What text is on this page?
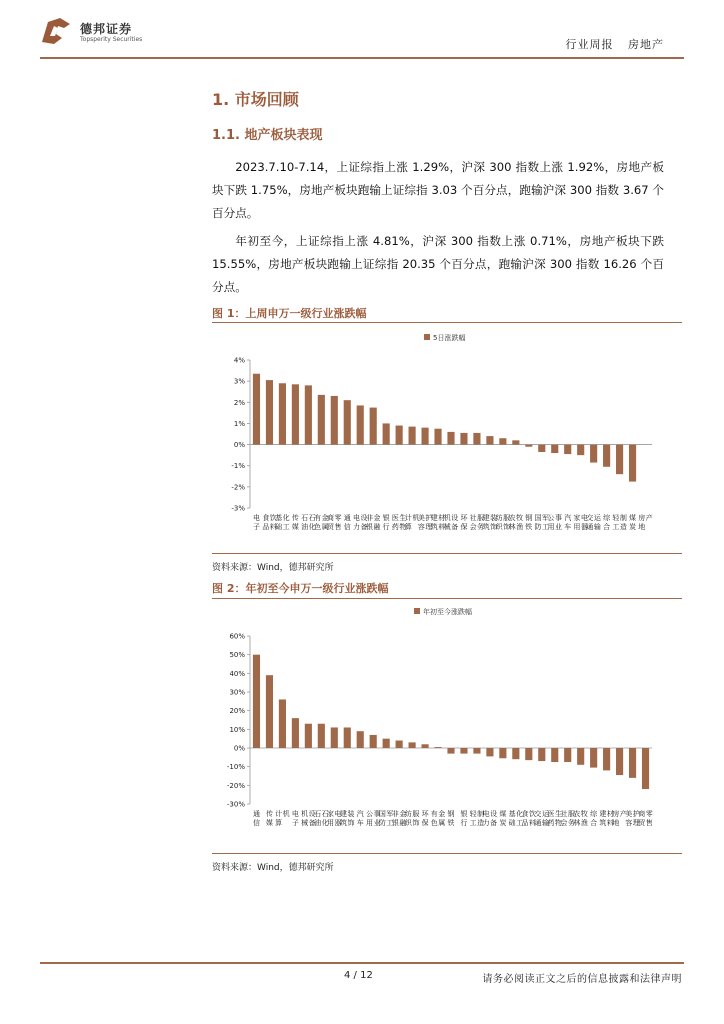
德邦证券
Topsperity Securities	行业周报 房地产
1. 市场回顾
1.1. 地产板块表现
2023.7.10-7.14，上证综指上涨 1.29%，沪深 300 指数上涨 1.92%，房地产板块下跌 1.75%，房地产板块跑输上证综指 3.03 个百分点，跑输沪深 300 指数 3.67 个百分点。
年初至今，上证综指上涨 4.81%，沪深 300 指数上涨 0.71%，房地产板块下跌 15.55%，房地产板块跑输上证综指 20.35 个百分点，跑输沪深 300 指数 16.26 个百分点。
图 1：上周申万一级行业涨跌幅
5日涨跌幅
-3%
-2%
-1%
0%
1%
2%
3%
4%
电
子
食
品
饮
料
基
础
化
工
传
媒
石
油
石
化
有
色
金
属
商
贸
零
售
通
信
电
力
设
备
非
银
金
融
银
行
医
药
生
物
计
算
机
美
容
护
理
建
筑
材
料
机
械
设
备
环
保
社
会
服
务
建
筑
装
饰
纺
织
服
饰
农
林
牧
渔
钢
铁
国
防
军
工
公
用
事
业
汽
车
家
用
电
器
交
通
运
输
综
合
轻
工
制
造
煤
炭
房
地
产
资料来源：Wind，德邦研究所
图 2：年初至今申万一级行业涨跌幅
年初至今涨跌幅
-30%
-20%
-10%
0%
10%
20%
30%
40%
50%
60%
通
信
传
媒
计
算
机 电
子
机
械
设
备
石
油
石
化
家
用
电
器
建
筑
装
饰
汽
车
公
用
事
业
国
防
军
工
非
银
金
融
纺
织
服
饰
环
保
有
色
金
属
钢
铁
银
行
轻
工
制
造
电
力
设
备
煤
炭
基
础
化
工
食
品
饮
料
交
通
运
输
医
药
生
物
社
会
服
务
农
林
牧
渔
综
合
建
筑
材
料
房
地
产
美
容
护
理
商
贸
零
售
资料来源：Wind，德邦研究所
4 / 12	请务必阅读正文之后的信息披露和法律声明
